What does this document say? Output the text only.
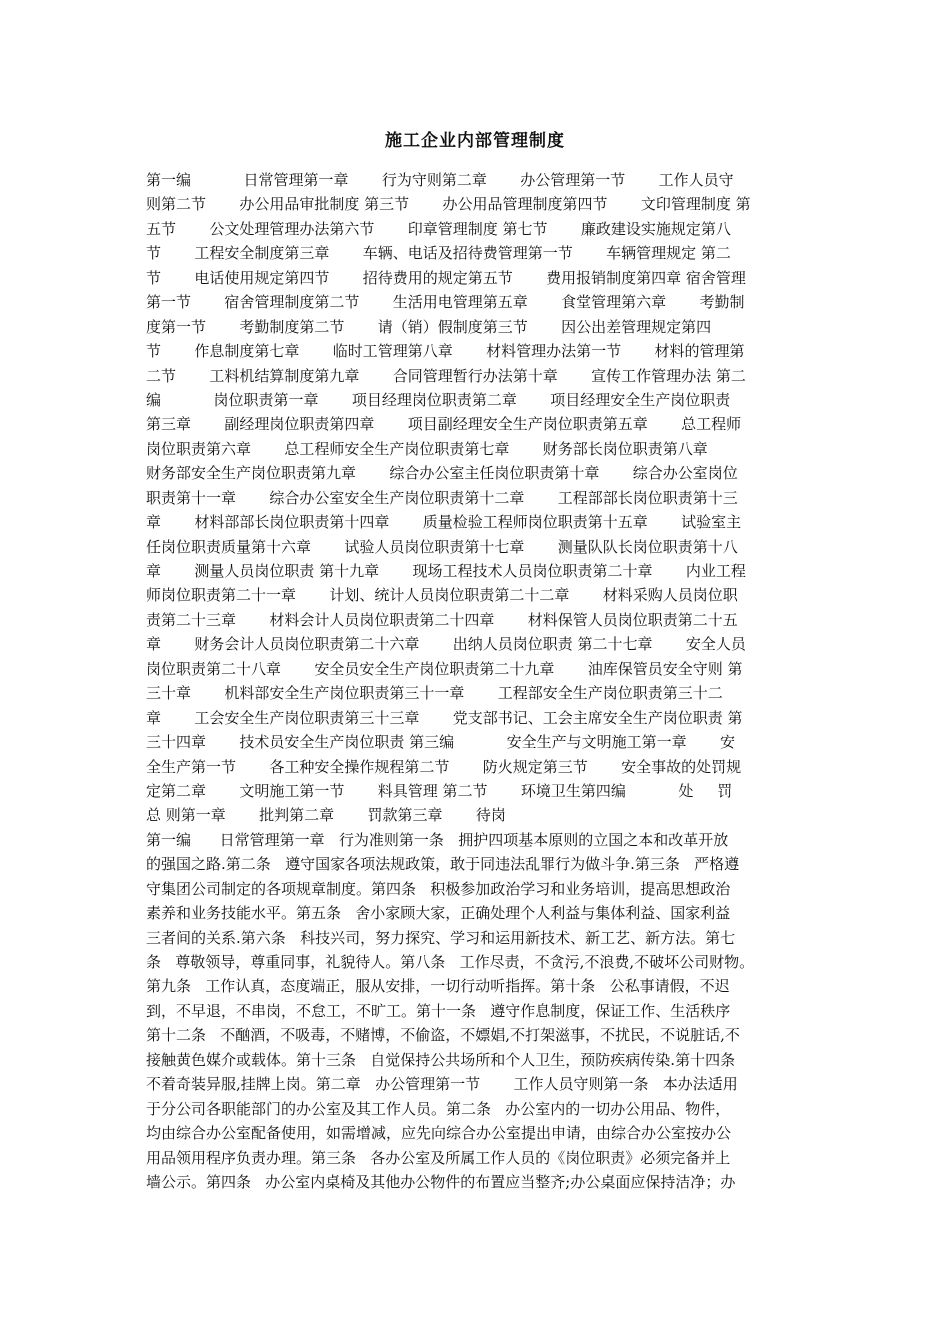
施工企业内部管理制度
第一编           日常管理第一章       行为守则第二章       办公管理第一节       工作人员守
则第二节       办公用品审批制度 第三节       办公用品管理制度第四节       文印管理制度 第
五节       公文处理管理办法第六节       印章管理制度 第七节       廉政建设实施规定第八
节       工程安全制度第三章       车辆、电话及招待费管理第一节       车辆管理规定 第二
节       电话使用规定第四节       招待费用的规定第五节       费用报销制度第四章 宿舍管理
第一节       宿舍管理制度第二节       生活用电管理第五章       食堂管理第六章       考勤制
度第一节       考勤制度第二节       请（销）假制度第三节       因公出差管理规定第四
节       作息制度第七章       临时工管理第八章       材料管理办法第一节       材料的管理第
二节       工料机结算制度第九章       合同管理暂行办法第十章       宣传工作管理办法 第二
编           岗位职责第一章       项目经理岗位职责第二章       项目经理安全生产岗位职责
第三章       副经理岗位职责第四章       项目副经理安全生产岗位职责第五章       总工程师
岗位职责第六章       总工程师安全生产岗位职责第七章       财务部长岗位职责第八章
财务部安全生产岗位职责第九章       综合办公室主任岗位职责第十章       综合办公室岗位
职责第十一章       综合办公室安全生产岗位职责第十二章       工程部部长岗位职责第十三
章       材料部部长岗位职责第十四章       质量检验工程师岗位职责第十五章       试验室主
任岗位职责质量第十六章       试验人员岗位职责第十七章       测量队队长岗位职责第十八
章       测量人员岗位职责 第十九章       现场工程技术人员岗位职责第二十章       内业工程
师岗位职责第二十一章       计划、统计人员岗位职责第二十二章       材料采购人员岗位职
责第二十三章       材料会计人员岗位职责第二十四章       材料保管人员岗位职责第二十五
章       财务会计人员岗位职责第二十六章       出纳人员岗位职责 第二十七章       安全人员
岗位职责第二十八章       安全员安全生产岗位职责第二十九章       油库保管员安全守则 第
三十章       机料部安全生产岗位职责第三十一章       工程部安全生产岗位职责第三十二
章       工会安全生产岗位职责第三十三章       党支部书记、工会主席安全生产岗位职责 第
三十四章       技术员安全生产岗位职责 第三编           安全生产与文明施工第一章       安
全生产第一节       各工种安全操作规程第二节       防火规定第三节       安全事故的处罚规
定第二章       文明施工第一节       料具管理 第二节       环境卫生第四编           处     罚
总 则第一章       批判第二章       罚款第三章       待岗
第一编      日常管理第一章   行为准则第一条   拥护四项基本原则的立国之本和改革开放
的强国之路.第二条   遵守国家各项法规政策，敢于同违法乱罪行为做斗争.第三条   严格遵
守集团公司制定的各项规章制度。第四条   积极参加政治学习和业务培训，提高思想政治
素养和业务技能水平。第五条   舍小家顾大家，正确处理个人利益与集体利益、国家利益
三者间的关系.第六条   科技兴司，努力探究、学习和运用新技术、新工艺、新方法。第七
条   尊敬领导，尊重同事，礼貌待人。第八条   工作尽责，不贪污,不浪费,不破坏公司财物。
第九条   工作认真，态度端正，服从安排，一切行动听指挥。第十条   公私事请假，不迟
到，不早退，不串岗，不怠工，不旷工。第十一条   遵守作息制度，保证工作、生活秩序
第十二条   不酗酒，不吸毒，不赌博，不偷盗，不嫖娼,不打架滋事，不扰民，不说脏话,不
接触黄色媒介或载体。第十三条   自觉保持公共场所和个人卫生，预防疾病传染.第十四条
不着奇装异服,挂牌上岗。第二章   办公管理第一节       工作人员守则第一条   本办法适用
于分公司各职能部门的办公室及其工作人员。第二条   办公室内的一切办公用品、物件，
均由综合办公室配备使用，如需增减，应先向综合办公室提出申请，由综合办公室按办公
用品领用程序负责办理。第三条   各办公室及所属工作人员的《岗位职责》必须完备并上
墙公示。第四条   办公室内桌椅及其他办公物件的布置应当整齐;办公桌面应保持洁净；办
